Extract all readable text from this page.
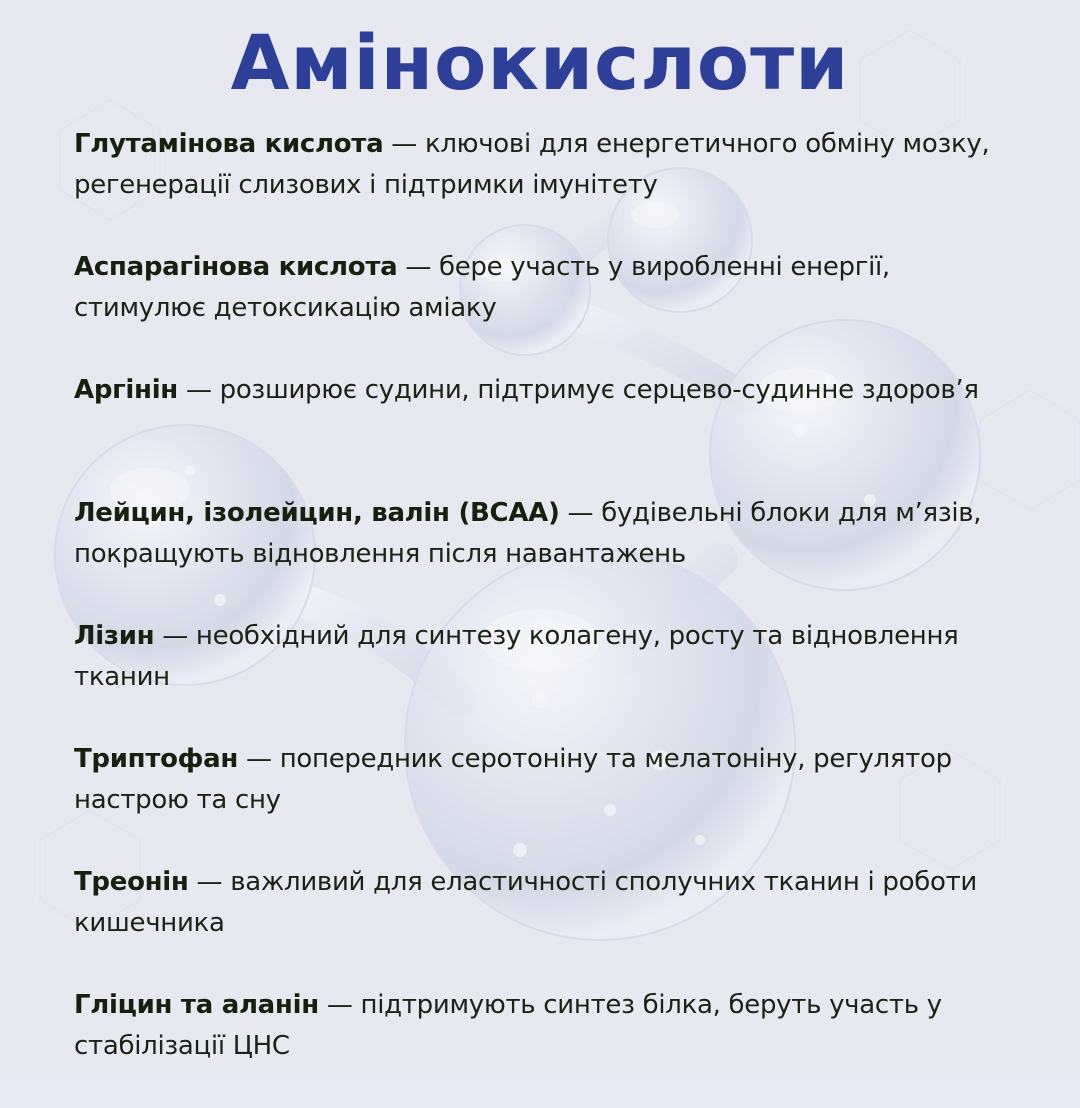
Амінокислоти
Глутамінова кислота — ключові для енергетичного обміну мозку, регенерації слизових і підтримки імунітету
Аспарагінова кислота — бере участь у виробленні енергії, стимулює детоксикацію аміаку
Аргінін — розширює судини, підтримує серцево-судинне здоров’я
Лейцин, ізолейцин, валін (BCAA) — будівельні блоки для м’язів, покращують відновлення після навантажень
Лізин — необхідний для синтезу колагену, росту та відновлення тканин
Триптофан — попередник серотоніну та мелатоніну, регулятор настрою та сну
Треонін — важливий для еластичності сполучних тканин і роботи кишечника
Гліцин та аланін — підтримують синтез білка, беруть участь у стабілізації ЦНС
